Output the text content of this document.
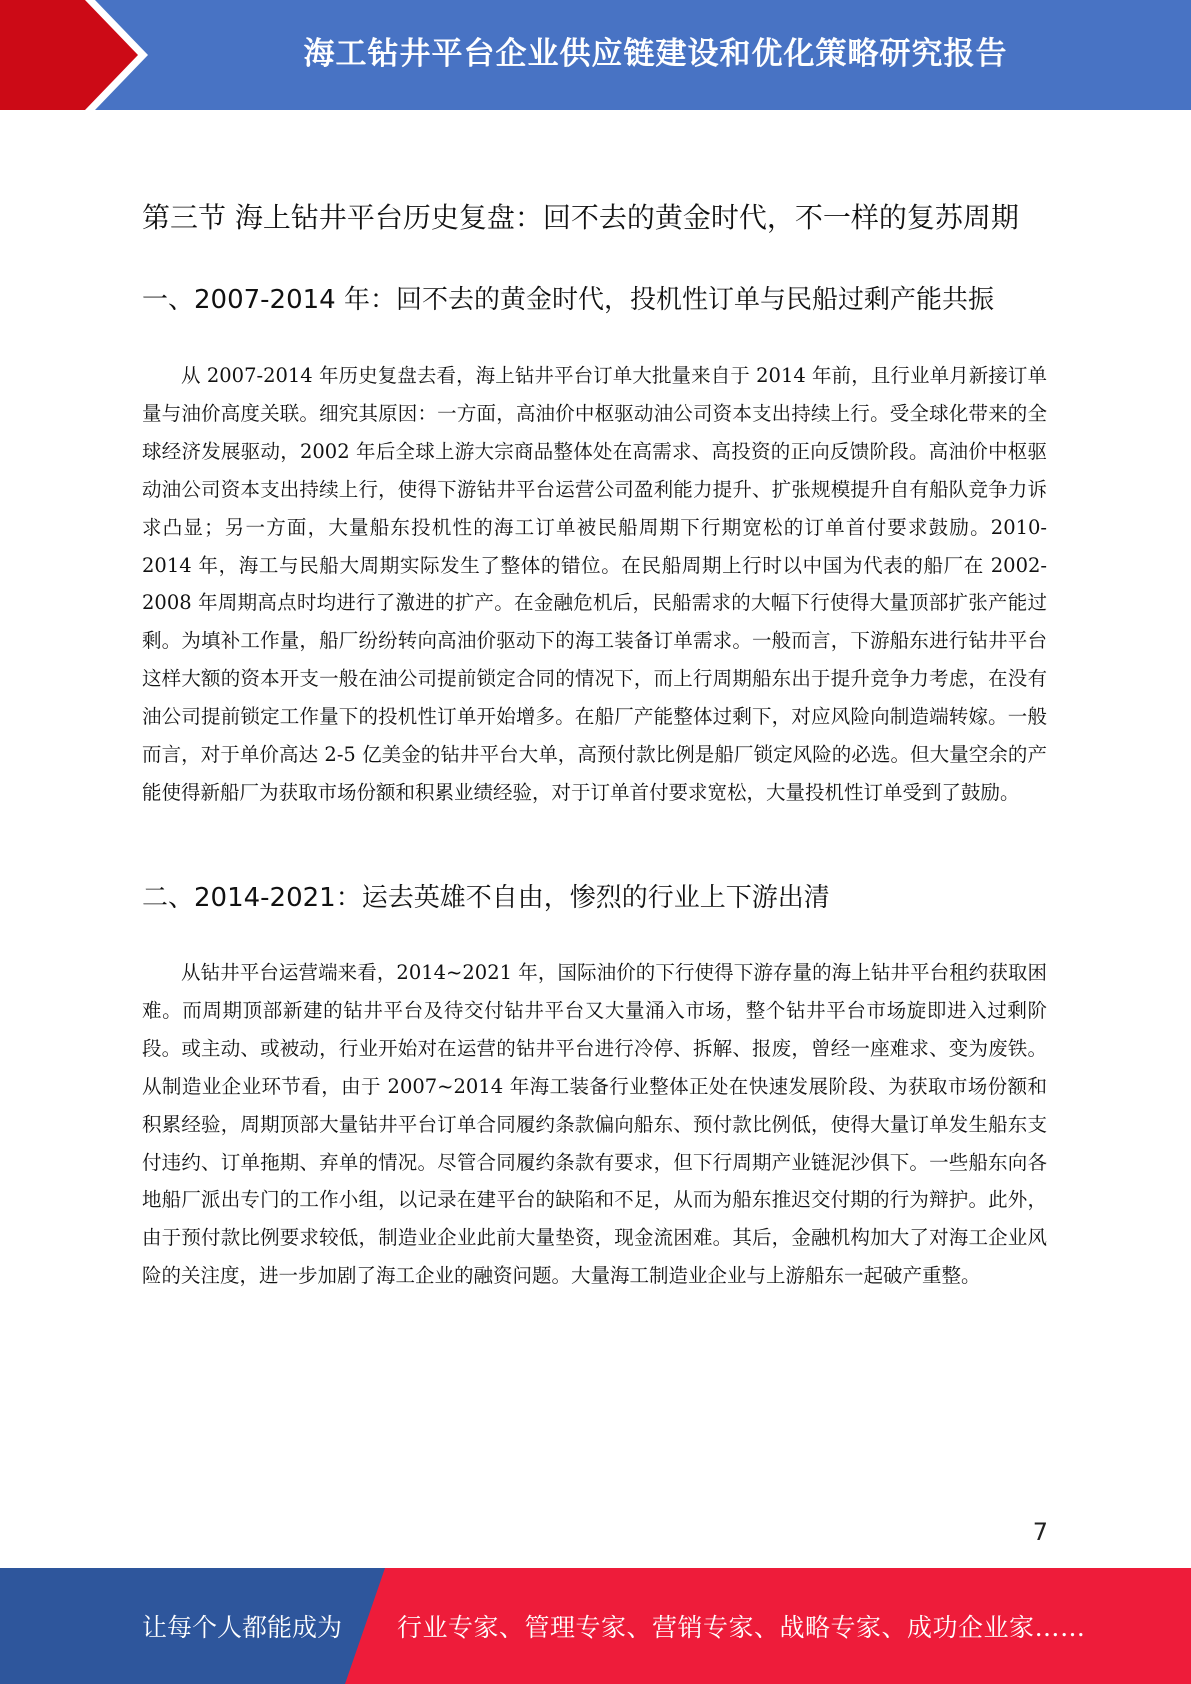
海工钻井平台企业供应链建设和优化策略研究报告
第三节 海上钻井平台历史复盘：回不去的黄金时代，不一样的复苏周期
一、2007-2014 年：回不去的黄金时代，投机性订单与民船过剩产能共振

从 2007-2014 年历史复盘去看，海上钻井平台订单大批量来自于 2014 年前，且行业单月新接订单量与油价高度关联。细究其原因：一方面，高油价中枢驱动油公司资本支出持续上行。受全球化带来的全球经济发展驱动，2002 年后全球上游大宗商品整体处在高需求、高投资的正向反馈阶段。高油价中枢驱动油公司资本支出持续上行，使得下游钻井平台运营公司盈利能力提升、扩张规模提升自有船队竞争力诉求凸显；另一方面，大量船东投机性的海工订单被民船周期下行期宽松的订单首付要求鼓励。2010-2014 年，海工与民船大周期实际发生了整体的错位。在民船周期上行时以中国为代表的船厂在 2002-2008 年周期高点时均进行了激进的扩产。在金融危机后，民船需求的大幅下行使得大量顶部扩张产能过剩。为填补工作量，船厂纷纷转向高油价驱动下的海工装备订单需求。一般而言，下游船东进行钻井平台这样大额的资本开支一般在油公司提前锁定合同的情况下，而上行周期船东出于提升竞争力考虑，在没有油公司提前锁定工作量下的投机性订单开始增多。在船厂产能整体过剩下，对应风险向制造端转嫁。一般而言，对于单价高达 2-5 亿美金的钻井平台大单，高预付款比例是船厂锁定风险的必选。但大量空余的产能使得新船厂为获取市场份额和积累业绩经验，对于订单首付要求宽松，大量投机性订单受到了鼓励。

二、2014-2021：运去英雄不自由，惨烈的行业上下游出清

从钻井平台运营端来看，2014~2021 年，国际油价的下行使得下游存量的海上钻井平台租约获取困难。而周期顶部新建的钻井平台及待交付钻井平台又大量涌入市场，整个钻井平台市场旋即进入过剩阶段。或主动、或被动，行业开始对在运营的钻井平台进行冷停、拆解、报废，曾经一座难求、变为废铁。从制造业企业环节看，由于 2007~2014 年海工装备行业整体正处在快速发展阶段、为获取市场份额和积累经验，周期顶部大量钻井平台订单合同履约条款偏向船东、预付款比例低，使得大量订单发生船东支付违约、订单拖期、弃单的情况。尽管合同履约条款有要求，但下行周期产业链泥沙俱下。一些船东向各地船厂派出专门的工作小组，以记录在建平台的缺陷和不足，从而为船东推迟交付期的行为辩护。此外，由于预付款比例要求较低，制造业企业此前大量垫资，现金流困难。其后，金融机构加大了对海工企业风险的关注度，进一步加剧了海工企业的融资问题。大量海工制造业企业与上游船东一起破产重整。

7
让每个人都能成为 行业专家、管理专家、营销专家、战略专家、成功企业家……
